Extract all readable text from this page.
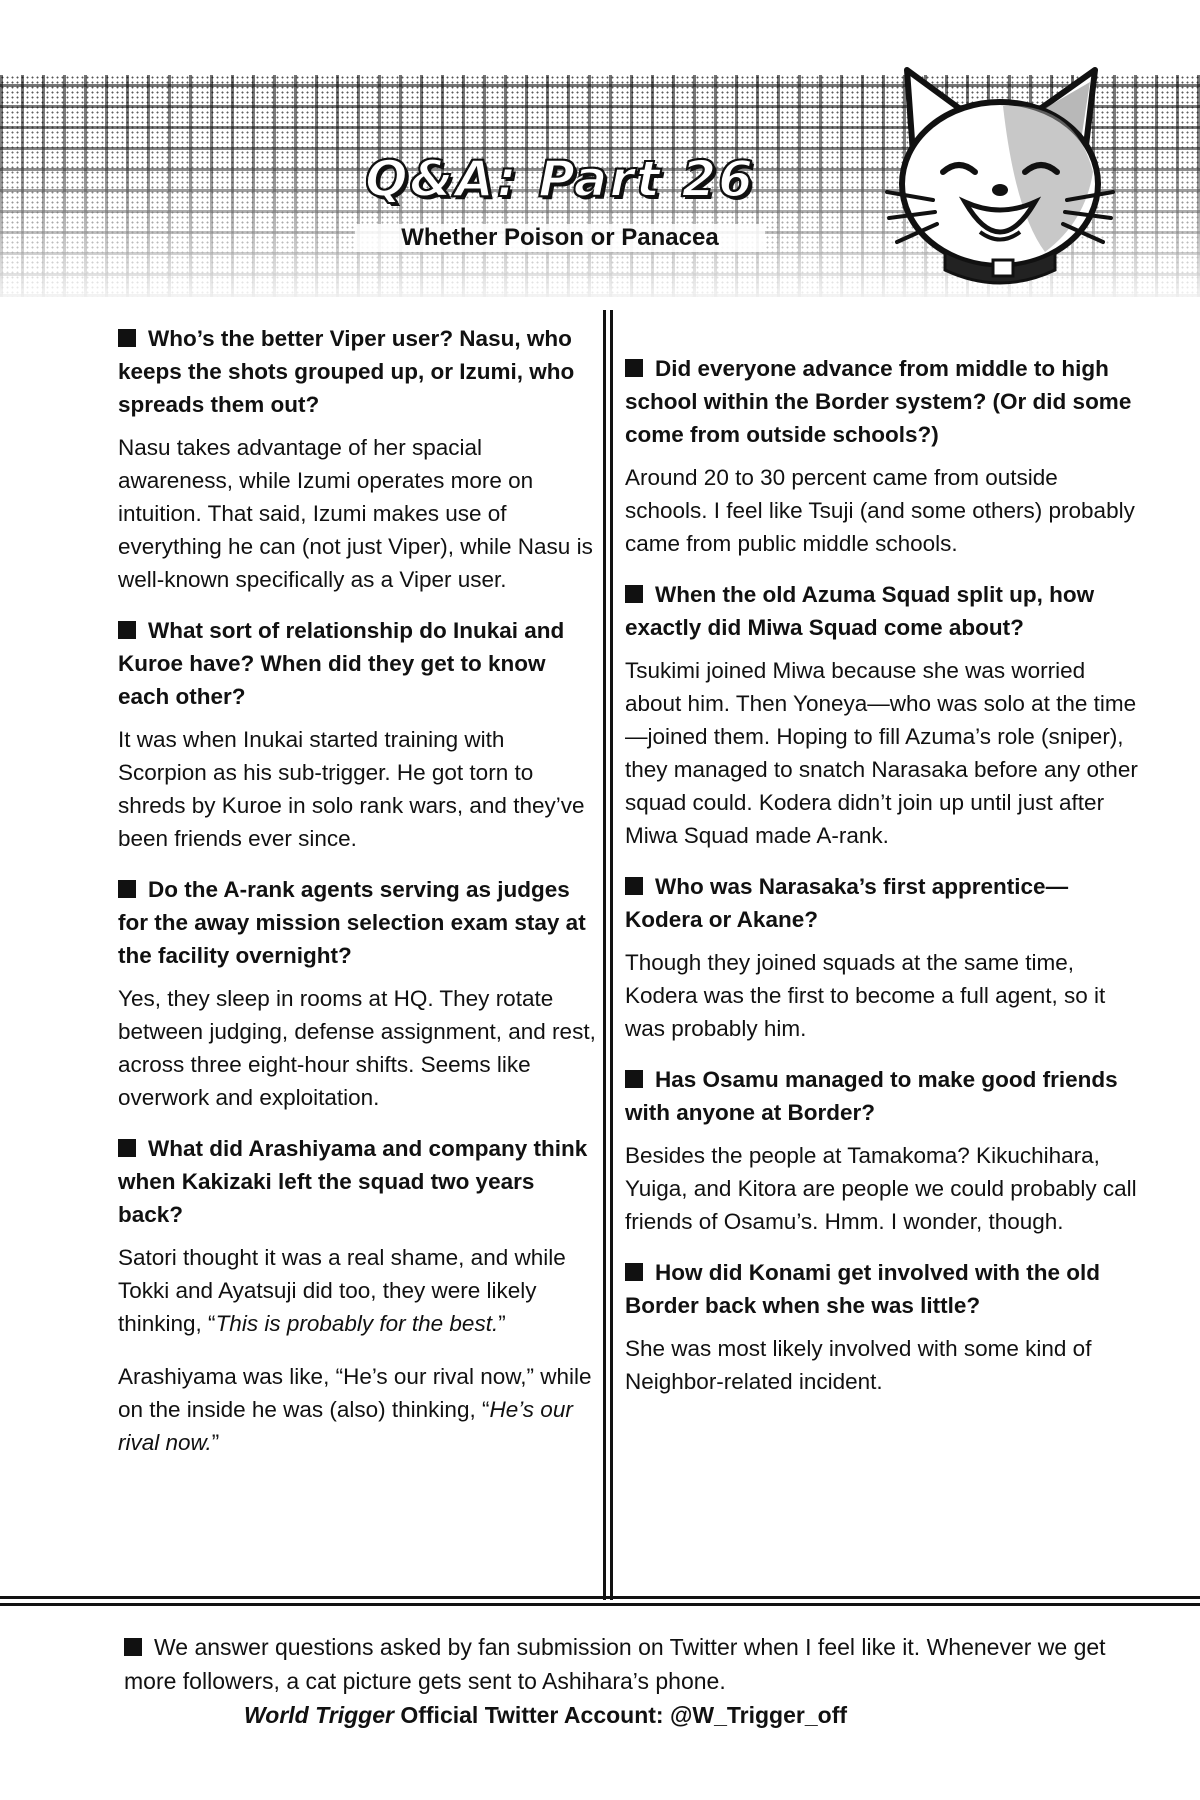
Q&A: Part 26
Whether Poison or Panacea

Who’s the better Viper user? Nasu, who keeps the shots grouped up, or Izumi, who spreads them out?

Nasu takes advantage of her spacial awareness, while Izumi operates more on intuition. That said, Izumi makes use of everything he can (not just Viper), while Nasu is well-known specifically as a Viper user.

What sort of relationship do Inukai and Kuroe have? When did they get to know each other?

It was when Inukai started training with Scorpion as his sub-trigger. He got torn to shreds by Kuroe in solo rank wars, and they’ve been friends ever since.

Do the A-rank agents serving as judges for the away mission selection exam stay at the facility overnight?

Yes, they sleep in rooms at HQ. They rotate between judging, defense assignment, and rest, across three eight-hour shifts. Seems like overwork and exploitation.

What did Arashiyama and company think when Kakizaki left the squad two years back?

Satori thought it was a real shame, and while Tokki and Ayatsuji did too, they were likely thinking, “This is probably for the best.”

Arashiyama was like, “He’s our rival now,” while on the inside he was (also) thinking, “He’s our rival now.”

Did everyone advance from middle to high school within the Border system? (Or did some come from outside schools?)

Around 20 to 30 percent came from outside schools. I feel like Tsuji (and some others) probably came from public middle schools.

When the old Azuma Squad split up, how exactly did Miwa Squad come about?

Tsukimi joined Miwa because she was worried about him. Then Yoneya—who was solo at the time—joined them. Hoping to fill Azuma’s role (sniper), they managed to snatch Narasaka before any other squad could. Kodera didn’t join up until just after Miwa Squad made A-rank.

Who was Narasaka’s first apprentice—Kodera or Akane?

Though they joined squads at the same time, Kodera was the first to become a full agent, so it was probably him.

Has Osamu managed to make good friends with anyone at Border?

Besides the people at Tamakoma? Kikuchihara, Yuiga, and Kitora are people we could probably call friends of Osamu’s. Hmm. I wonder, though.

How did Konami get involved with the old Border back when she was little?

She was most likely involved with some kind of Neighbor-related incident.

We answer questions asked by fan submission on Twitter when I feel like it. Whenever we get more followers, a cat picture gets sent to Ashihara’s phone.
World Trigger Official Twitter Account: @W_Trigger_off
